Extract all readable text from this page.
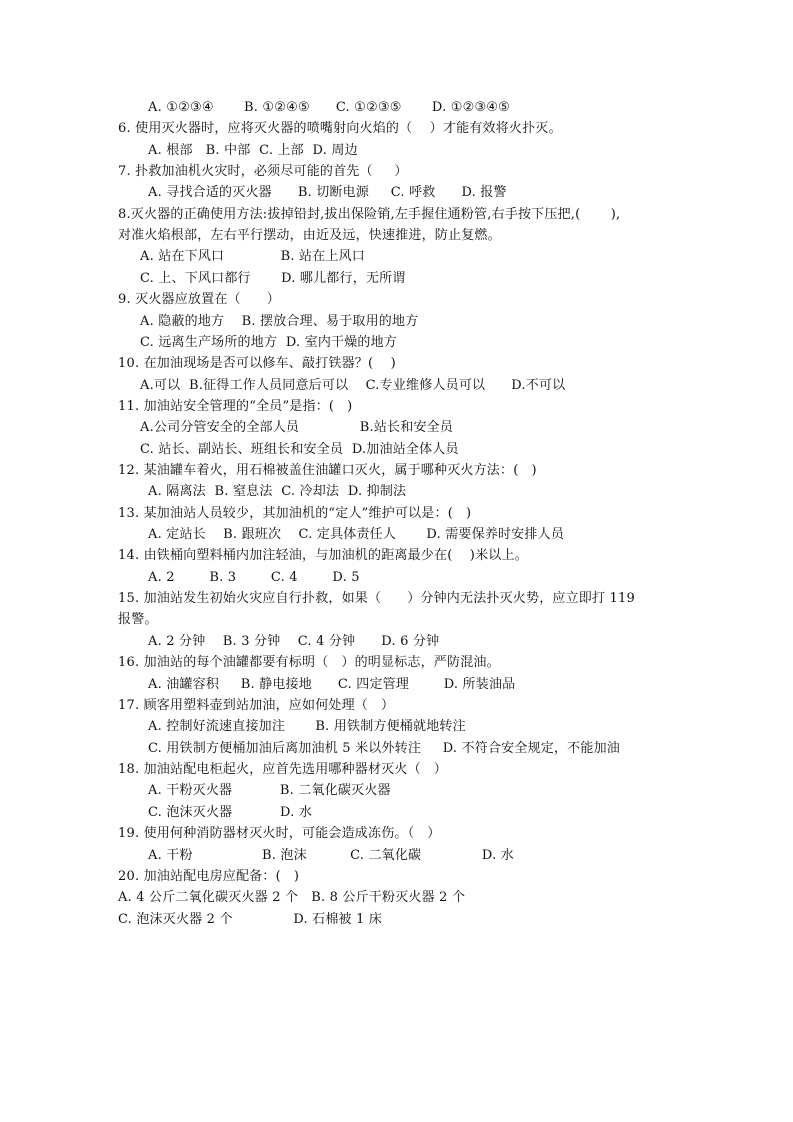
A. ①②③④       B. ①②④⑤      C. ①②③⑤       D. ①②③④⑤
6. 使用灭火器时，应将灭火器的喷嘴射向火焰的（    ）才能有效将火扑灭。
A. 根部   B. 中部  C. 上部  D. 周边
7. 扑救加油机火灾时，必须尽可能的首先（     ）
A. 寻找合适的灭火器      B. 切断电源     C. 呼救      D. 报警
8.灭火器的正确使用方法:拔掉铅封,拔出保险销,左手握住通粉管,右手按下压把,(       ),
对准火焰根部，左右平行摆动，由近及远，快速推进，防止复燃。
A. 站在下风口             B. 站在上风口
C. 上、下风口都行       D. 哪儿都行，无所谓
9. 灭火器应放置在（      ）
A. 隐蔽的地方    B. 摆放合理、易于取用的地方
C. 远离生产场所的地方  D. 室内干燥的地方
10. 在加油现场是否可以修车、敲打铁器？(    )
A.可以  B.征得工作人员同意后可以    C.专业维修人员可以      D.不可以
11. 加油站安全管理的“全员”是指：(   )
A.公司分管安全的全部人员              B.站长和安全员
C. 站长、副站长、班组长和安全员  D.加油站全体人员
12. 某油罐车着火，用石棉被盖住油罐口灭火，属于哪种灭火方法：(   )
A. 隔离法  B. 窒息法  C. 冷却法  D. 抑制法
13. 某加油站人员较少，其加油机的“定人”维护可以是：(   )
A. 定站长    B. 跟班次    C. 定具体责任人       D. 需要保养时安排人员
14. 由铁桶向塑料桶内加注轻油，与加油机的距离最少在(    )米以上。
A. 2        B. 3        C. 4        D. 5
15. 加油站发生初始火灾应自行扑救，如果（      ）分钟内无法扑灭火势，应立即打 119
报警。
A. 2 分钟    B. 3 分钟    C. 4 分钟      D. 6 分钟
16. 加油站的每个油罐都要有标明（   ）的明显标志，严防混油。
A. 油罐容积     B. 静电接地      C. 四定管理        D. 所装油品
17. 顾客用塑料壶到站加油，应如何处理（   ）
A. 控制好流速直接加注       B. 用铁制方便桶就地转注
C. 用铁制方便桶加油后离加油机 5 米以外转注     D. 不符合安全规定，不能加油
18. 加油站配电柜起火，应首先选用哪种器材灭火（   ）
A. 干粉灭火器           B. 二氧化碳灭火器
C. 泡沫灭火器           D. 水
19. 使用何种消防器材灭火时，可能会造成冻伤。（   ）
A. 干粉                B. 泡沫          C. 二氧化碳              D. 水
20. 加油站配电房应配备：(   )
A. 4 公斤二氧化碳灭火器 2 个   B. 8 公斤干粉灭火器 2 个
C. 泡沫灭火器 2 个              D. 石棉被 1 床
